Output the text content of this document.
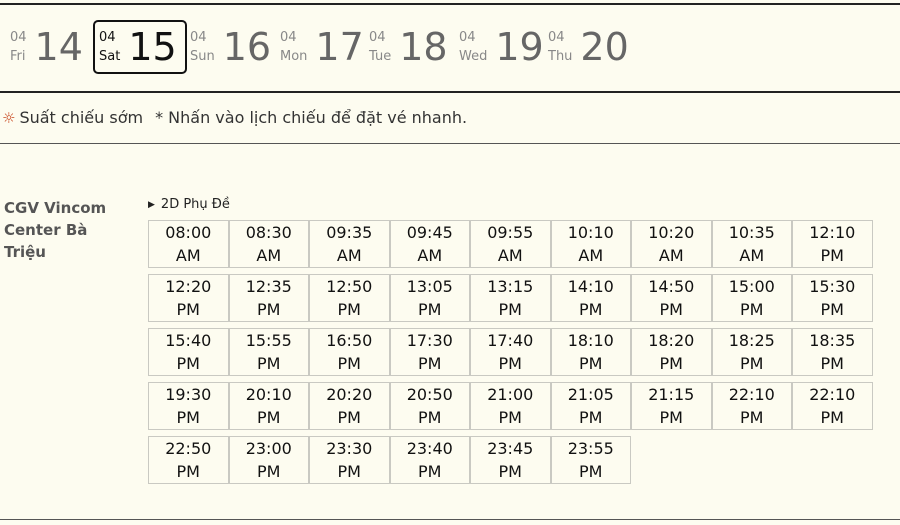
04
Fri 14 04
Sat 15 04
Sun 16 04
Mon 17 04
Tue 18 04
Wed 19 04
Thu 20
☼ Suất chiếu sớm * Nhấn vào lịch chiếu để đặt vé nhanh.
CGV Vincom Center Bà Triệu
▶ 2D Phụ Đề
08:00
AM
08:30
AM
09:35
AM
09:45
AM
09:55
AM
10:10
AM
10:20
AM
10:35
AM
12:10
PM
12:20
PM
12:35
PM
12:50
PM
13:05
PM
13:15
PM
14:10
PM
14:50
PM
15:00
PM
15:30
PM
15:40
PM
15:55
PM
16:50
PM
17:30
PM
17:40
PM
18:10
PM
18:20
PM
18:25
PM
18:35
PM
19:30
PM
20:10
PM
20:20
PM
20:50
PM
21:00
PM
21:05
PM
21:15
PM
22:10
PM
22:10
PM
22:50
PM
23:00
PM
23:30
PM
23:40
PM
23:45
PM
23:55
PM
